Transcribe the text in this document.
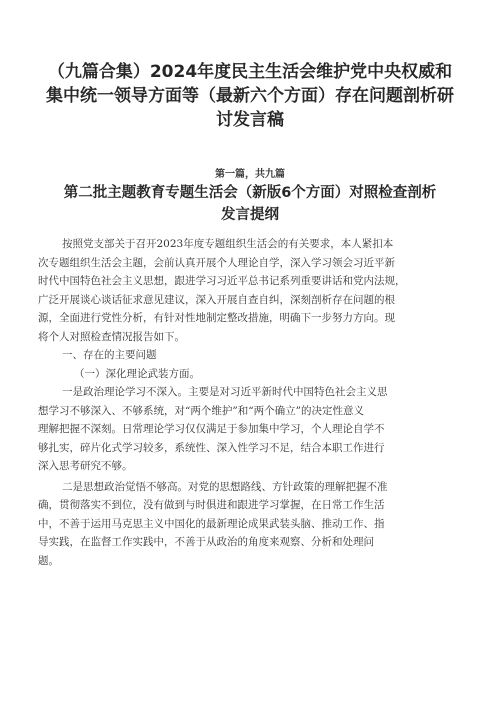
（九篇合集）2024年度民主生活会维护党中央权威和
集中统一领导方面等（最新六个方面）存在问题剖析研
讨发言稿
第一篇，共九篇
第二批主题教育专题生活会（新版6个方面）对照检查剖析
发言提纲

按照党支部关于召开2023年度专题组织生活会的有关要求，本人紧扣本
次专题组织生活会主题，会前认真开展个人理论自学，深入学习领会习近平新
时代中国特色社会主义思想，跟进学习习近平总书记系列重要讲话和党内法规，
广泛开展谈心谈话征求意见建议，深入开展自查自纠，深刻剖析存在问题的根
源，全面进行党性分析，有针对性地制定整改措施，明确下一步努力方向。现
将个人对照检查情况报告如下。

一、存在的主要问题

（一）深化理论武装方面。

一是政治理论学习不深入。主要是对习近平新时代中国特色社会主义思
想学习不够深入、不够系统，对“两个维护”和“两个确立”的决定性意义
理解把握不深刻。日常理论学习仅仅满足于参加集中学习，个人理论自学不
够扎实，碎片化式学习较多，系统性、深入性学习不足，结合本职工作进行
深入思考研究不够。

二是思想政治觉悟不够高。对党的思想路线、方针政策的理解把握不准
确，贯彻落实不到位，没有做到与时俱进和跟进学习掌握，在日常工作生活
中，不善于运用马克思主义中国化的最新理论成果武装头脑、推动工作、指
导实践，在监督工作实践中，不善于从政治的角度来观察、分析和处理问
题。
